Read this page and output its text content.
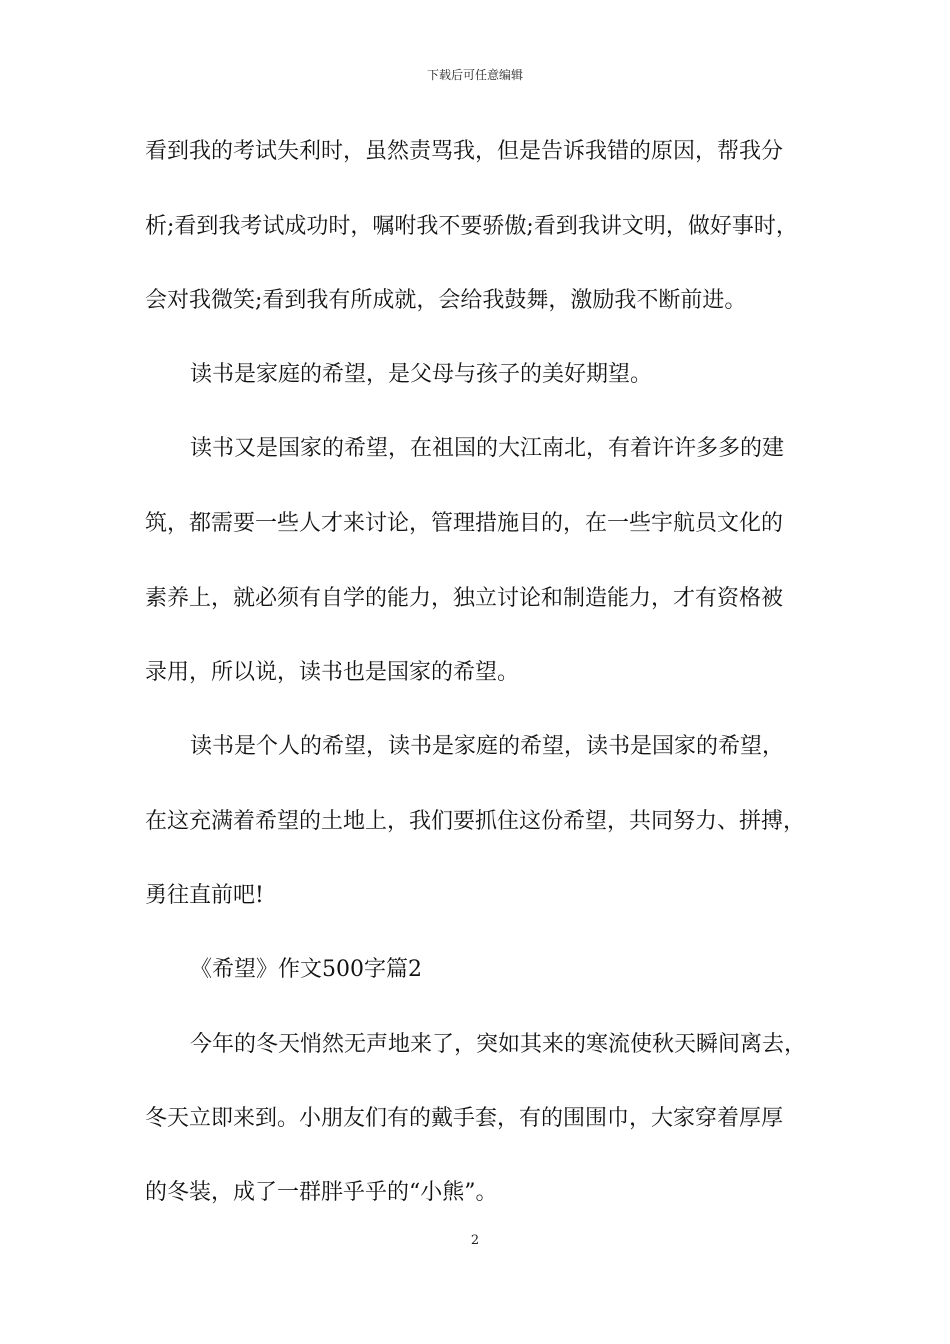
下载后可任意编辑
看到我的考试失利时，虽然责骂我，但是告诉我错的原因，帮我分
析;看到我考试成功时，嘱咐我不要骄傲;看到我讲文明，做好事时，
会对我微笑;看到我有所成就，会给我鼓舞，激励我不断前进。
读书是家庭的希望，是父母与孩子的美好期望。
读书又是国家的希望，在祖国的大江南北，有着许许多多的建
筑，都需要一些人才来讨论，管理措施目的，在一些宇航员文化的
素养上，就必须有自学的能力，独立讨论和制造能力，才有资格被
录用，所以说，读书也是国家的希望。
读书是个人的希望，读书是家庭的希望，读书是国家的希望，
在这充满着希望的土地上，我们要抓住这份希望，共同努力、拼搏，
勇往直前吧!
《希望》作文500字篇2
今年的冬天悄然无声地来了，突如其来的寒流使秋天瞬间离去，
冬天立即来到。小朋友们有的戴手套，有的围围巾，大家穿着厚厚
的冬装，成了一群胖乎乎的“小熊”。
2
